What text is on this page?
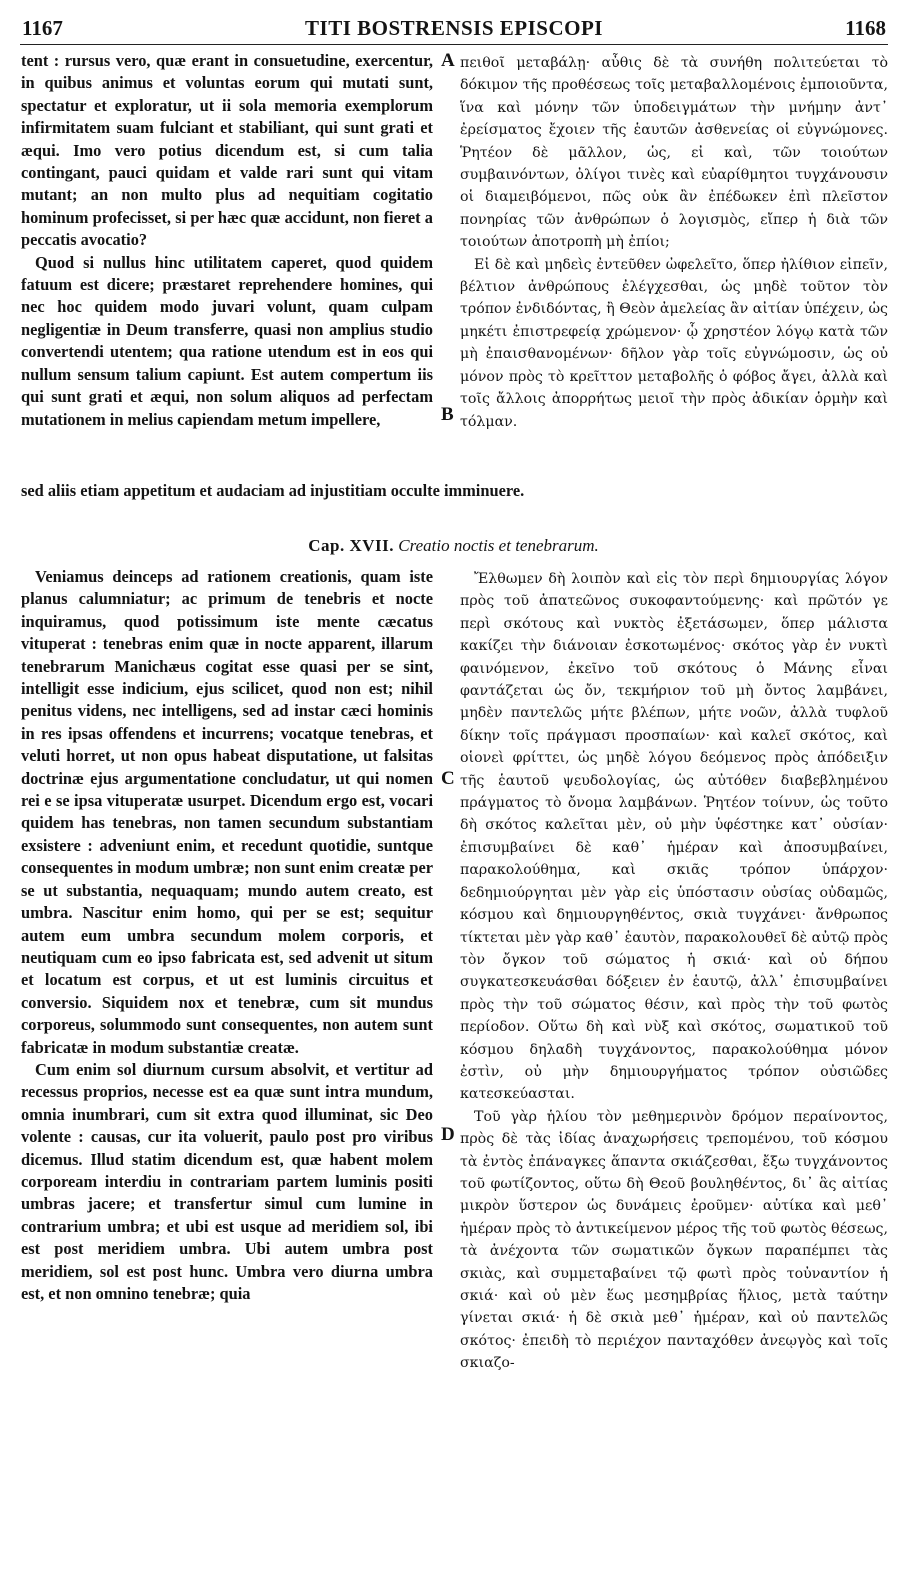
1167	TITI BOSTRENSIS EPISCOPI	1168

tent : rursus vero, quæ erant in consuetudine, exercentur, in quibus animus et voluntas eorum qui mutati sunt, spectatur et exploratur, ut ii sola memoria exemplorum infirmitatem suam fulciant et stabiliant, qui sunt grati et æqui. Imo vero potius dicendum est, si cum talia contingant, pauci quidam et valde rari sunt qui vitam mutant; an non multo plus ad nequitiam cogitatio hominum profecisset, si per hæc quæ accidunt, non fieret a peccatis avocatio?

Quod si nullus hinc utilitatem caperet, quod quidem fatuum est dicere; præstaret reprehendere homines, qui nec hoc quidem modo juvari volunt, quam culpam negligentiæ in Deum transferre, quasi non amplius studio convertendi utentem; qua ratione utendum est in eos qui nullum sensum talium capiunt. Est autem compertum iis qui sunt grati et æqui, non solum aliquos ad perfectam mutationem in melius capiendam metum impellere,

πειθοῖ μεταβάλῃ· αὖθις δὲ τὰ συνήθη πολιτεύεται τὸ δόκιμον τῆς προθέσεως τοῖς μεταβαλλομένοις ἐμποιοῦντα, ἵνα καὶ μόνην τῶν ὑποδειγμάτων τὴν μνήμην ἀντ᾽ ἐρείσματος ἔχοιεν τῆς ἑαυτῶν ἀσθενείας οἱ εὐγνώμονες. Ῥητέον δὲ μᾶλλον, ὡς, εἰ καὶ, τῶν τοιούτων συμβαινόντων, ὀλίγοι τινὲς καὶ εὐαρίθμητοι τυγχάνουσιν οἱ διαμειβόμενοι, πῶς οὐκ ἂν ἐπέδωκεν ἐπὶ πλεῖστον πονηρίας τῶν ἀνθρώπων ὁ λογισμὸς, εἴπερ ἡ διὰ τῶν τοιούτων ἀποτροπὴ μὴ ἐπίοι;

Εἰ δὲ καὶ μηδεὶς ἐντεῦθεν ὠφελεῖτο, ὅπερ ἠλίθιον εἰπεῖν, βέλτιον ἀνθρώπους ἐλέγχεσθαι, ὡς μηδὲ τοῦτον τὸν τρόπον ἐνδιδόντας, ἢ Θεὸν ἀμελείας ἂν αἰτίαν ὑπέχειν, ὡς μηκέτι ἐπιστρεφείᾳ χρώμενον· ᾧ χρηστέον λόγῳ κατὰ τῶν μὴ ἐπαισθανομένων· δῆλον γὰρ τοῖς εὐγνώμοσιν, ὡς οὐ μόνον πρὸς τὸ κρεῖττον μεταβολῆς ὁ φόβος ἄγει, ἀλλὰ καὶ τοῖς ἄλλοις ἀπορρήτως μειοῖ τὴν πρὸς ἀδικίαν ὁρμὴν καὶ τόλμαν.

sed aliis etiam appetitum et audaciam ad injustitiam occulte imminuere.
Cap. XVII. Creatio noctis et tenebrarum.

Veniamus deinceps ad rationem creationis, quam iste planus calumniatur; ac primum de tenebris et nocte inquiramus, quod potissimum iste mente cæcatus vituperat : tenebras enim quæ in nocte apparent, illarum tenebrarum Manichæus cogitat esse quasi per se sint, intelligit esse indicium, ejus scilicet, quod non est; nihil penitus videns, nec intelligens, sed ad instar cæci hominis in res ipsas offendens et incurrens; vocatque tenebras, et veluti horret, ut non opus habeat disputatione, ut falsitas doctrinæ ejus argumentatione concludatur, ut qui nomen rei e se ipsa vituperatæ usurpet. Dicendum ergo est, vocari quidem has tenebras, non tamen secundum substantiam exsistere : adveniunt enim, et recedunt quotidie, suntque consequentes in modum umbræ; non sunt enim creatæ per se ut substantia, nequaquam; mundo autem creato, est umbra. Nascitur enim homo, qui per se est; sequitur autem eum umbra secundum molem corporis, et neutiquam cum eo ipso fabricata est, sed advenit ut situm et locatum est corpus, et ut est luminis circuitus et conversio. Siquidem nox et tenebræ, cum sit mundus corporeus, solummodo sunt consequentes, non autem sunt fabricatæ in modum substantiæ creatæ.

Cum enim sol diurnum cursum absolvit, et vertitur ad recessus proprios, necesse est ea quæ sunt intra mundum, omnia inumbrari, cum sit extra quod illuminat, sic Deo volente : causas, cur ita voluerit, paulo post pro viribus dicemus. Illud statim dicendum est, quæ habent molem corpoream interdiu in contrariam partem luminis positi umbras jacere; et transfertur simul cum lumine in contrarium umbra; et ubi est usque ad meridiem sol, ibi est post meridiem umbra. Ubi autem umbra post meridiem, sol est post hunc. Umbra vero diurna umbra est, et non omnino tenebræ; quia

Ἔλθωμεν δὴ λοιπὸν καὶ εἰς τὸν περὶ δημιουργίας λόγον πρὸς τοῦ ἀπατεῶνος συκοφαντούμενης· καὶ πρῶτόν γε περὶ σκότους καὶ νυκτὸς ἐξετάσωμεν, ὅπερ μάλιστα κακίζει τὴν διάνοιαν ἐσκοτωμένος· σκότος γὰρ ἐν νυκτὶ φαινόμενον, ἐκεῖνο τοῦ σκότους ὁ Μάνης εἶναι φαντάζεται ὡς ὄν, τεκμήριον τοῦ μὴ ὄντος λαμβάνει, μηδὲν παντελῶς μήτε βλέπων, μήτε νοῶν, ἀλλὰ τυφλοῦ δίκην τοῖς πράγμασι προσπαίων· καὶ καλεῖ σκότος, καὶ οἱονεὶ φρίττει, ὡς μηδὲ λόγου δεόμενος πρὸς ἀπόδειξιν τῆς ἑαυτοῦ ψευδολογίας, ὡς αὐτόθεν διαβεβλημένου πράγματος τὸ ὄνομα λαμβάνων. Ῥητέον τοίνυν, ὡς τοῦτο δὴ σκότος καλεῖται μὲν, οὐ μὴν ὑφέστηκε κατ᾽ οὐσίαν· ἐπισυμβαίνει δὲ καθ᾽ ἡμέραν καὶ ἀποσυμβαίνει, παρακολούθημα, καὶ σκιᾶς τρόπον ὑπάρχον· δεδημιούργηται μὲν γὰρ εἰς ὑπόστασιν οὐσίας οὐδαμῶς, κόσμου καὶ δημιουργηθέντος, σκιὰ τυγχάνει· ἄνθρωπος τίκτεται μὲν γὰρ καθ᾽ ἑαυτὸν, παρακολουθεῖ δὲ αὐτῷ πρὸς τὸν ὄγκον τοῦ σώματος ἡ σκιά· καὶ οὐ δήπου συγκατεσκευάσθαι δόξειεν ἐν ἑαυτῷ, ἀλλ᾽ ἐπισυμβαίνει πρὸς τὴν τοῦ σώματος θέσιν, καὶ πρὸς τὴν τοῦ φωτὸς περίοδον. Οὕτω δὴ καὶ νὺξ καὶ σκότος, σωματικοῦ τοῦ κόσμου δηλαδὴ τυγχάνοντος, παρακολούθημα μόνον ἐστὶν, οὐ μὴν δημιουργήματος τρόπον οὐσιῶδες κατεσκεύασται.

Τοῦ γὰρ ἡλίου τὸν μεθημερινὸν δρόμον περαίνοντος, πρὸς δὲ τὰς ἰδίας ἀναχωρήσεις τρεπομένου, τοῦ κόσμου τὰ ἐντὸς ἐπάναγκες ἅπαντα σκιάζεσθαι, ἔξω τυγχάνοντος τοῦ φωτίζοντος, οὕτω δὴ Θεοῦ βουληθέντος, δι᾽ ἃς αἰτίας μικρὸν ὕστερον ὡς δυνάμεις ἐροῦμεν· αὐτίκα καὶ μεθ᾽ ἡμέραν πρὸς τὸ ἀντικείμενον μέρος τῆς τοῦ φωτὸς θέσεως, τὰ ἀνέχοντα τῶν σωματικῶν ὄγκων παραπέμπει τὰς σκιὰς, καὶ συμμεταβαίνει τῷ φωτὶ πρὸς τοὐναντίον ἡ σκιά· καὶ οὐ μὲν ἕως μεσημβρίας ἥλιος, μετὰ ταύτην γίνεται σκιά· ἡ δὲ σκιὰ μεθ᾽ ἡμέραν, καὶ οὐ παντελῶς σκότος· ἐπειδὴ τὸ περιέχον πανταχόθεν ἀνεῳγὸς καὶ τοῖς σκιαζο-

A
B
C
D
